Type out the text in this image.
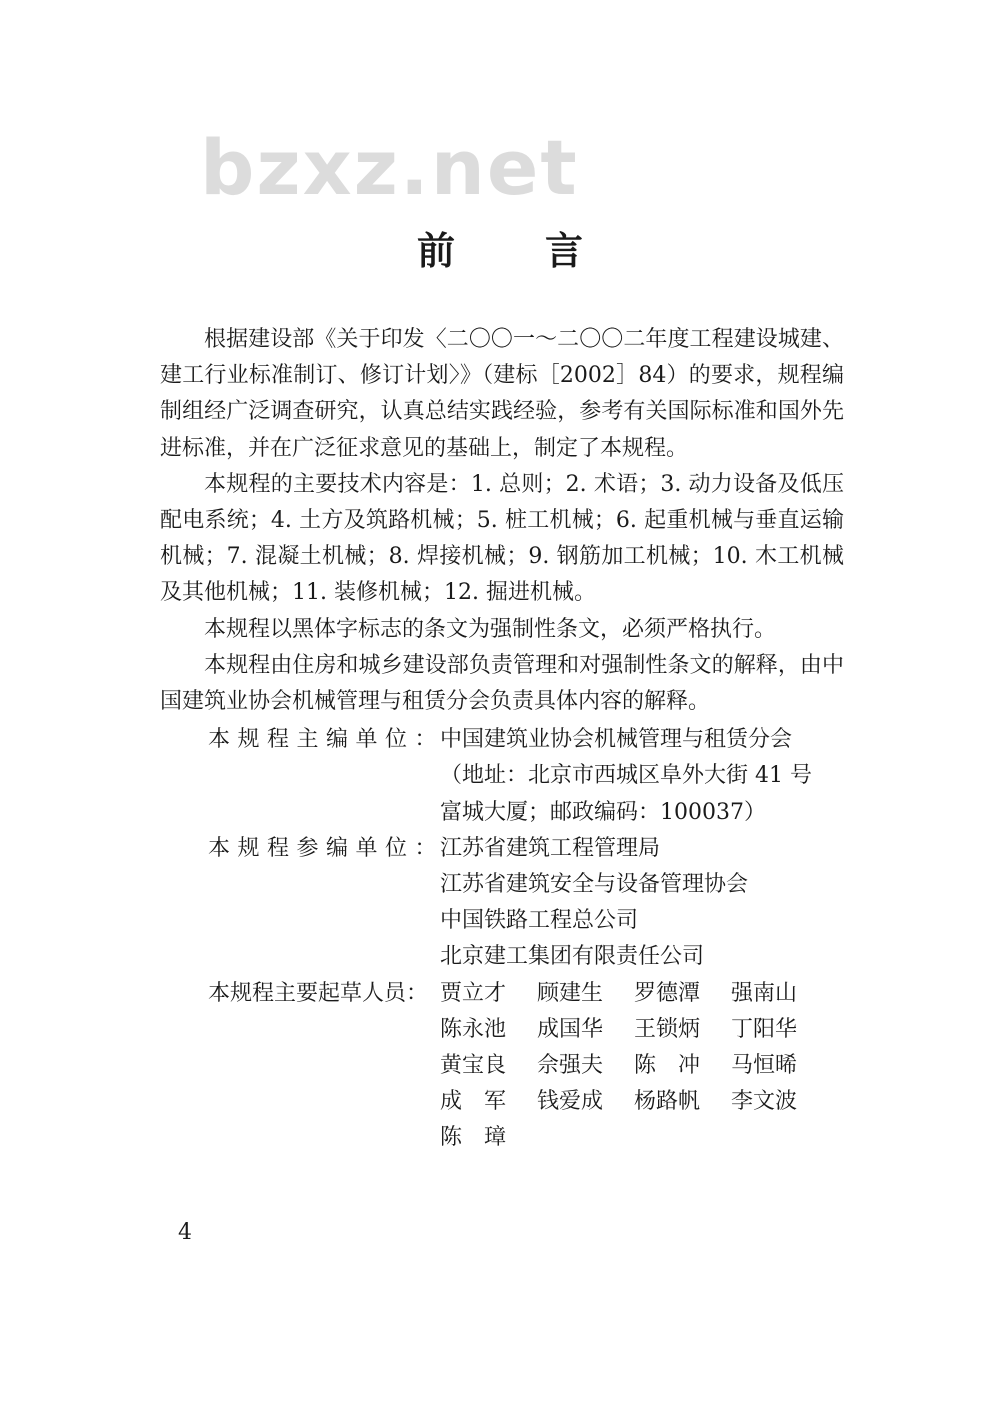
bzxz.net
前言

根据建设部《关于印发〈二〇〇一～二〇〇二年度工程建设城建、建工行业标准制订、修订计划〉》（建标［2002］84）的要求，规程编制组经广泛调查研究，认真总结实践经验，参考有关国际标准和国外先进标准，并在广泛征求意见的基础上，制定了本规程。

本规程的主要技术内容是：1. 总则；2. 术语；3. 动力设备及低压配电系统；4. 土方及筑路机械；5. 桩工机械；6. 起重机械与垂直运输机械；7. 混凝土机械；8. 焊接机械；9. 钢筋加工机械；10. 木工机械及其他机械；11. 装修机械；12. 掘进机械。

本规程以黑体字标志的条文为强制性条文，必须严格执行。

本规程由住房和城乡建设部负责管理和对强制性条文的解释，由中国建筑业协会机械管理与租赁分会负责具体内容的解释。

本规程主编单位：
中国建筑业协会机械管理与租赁分会
（地址：北京市西城区阜外大街 41 号
富城大厦；邮政编码：100037）
本规程参编单位：
江苏省建筑工程管理局
江苏省建筑安全与设备管理协会
中国铁路工程总公司
北京建工集团有限责任公司
本规程主要起草人员： 贾立才	顾建生	罗德潭	强南山
陈永池	成国华	王锁炳	丁阳华
黄宝良	佘强夫	陈　冲	马恒晞
成　军	钱爱成	杨路帆	李文波
陈　璋
4
